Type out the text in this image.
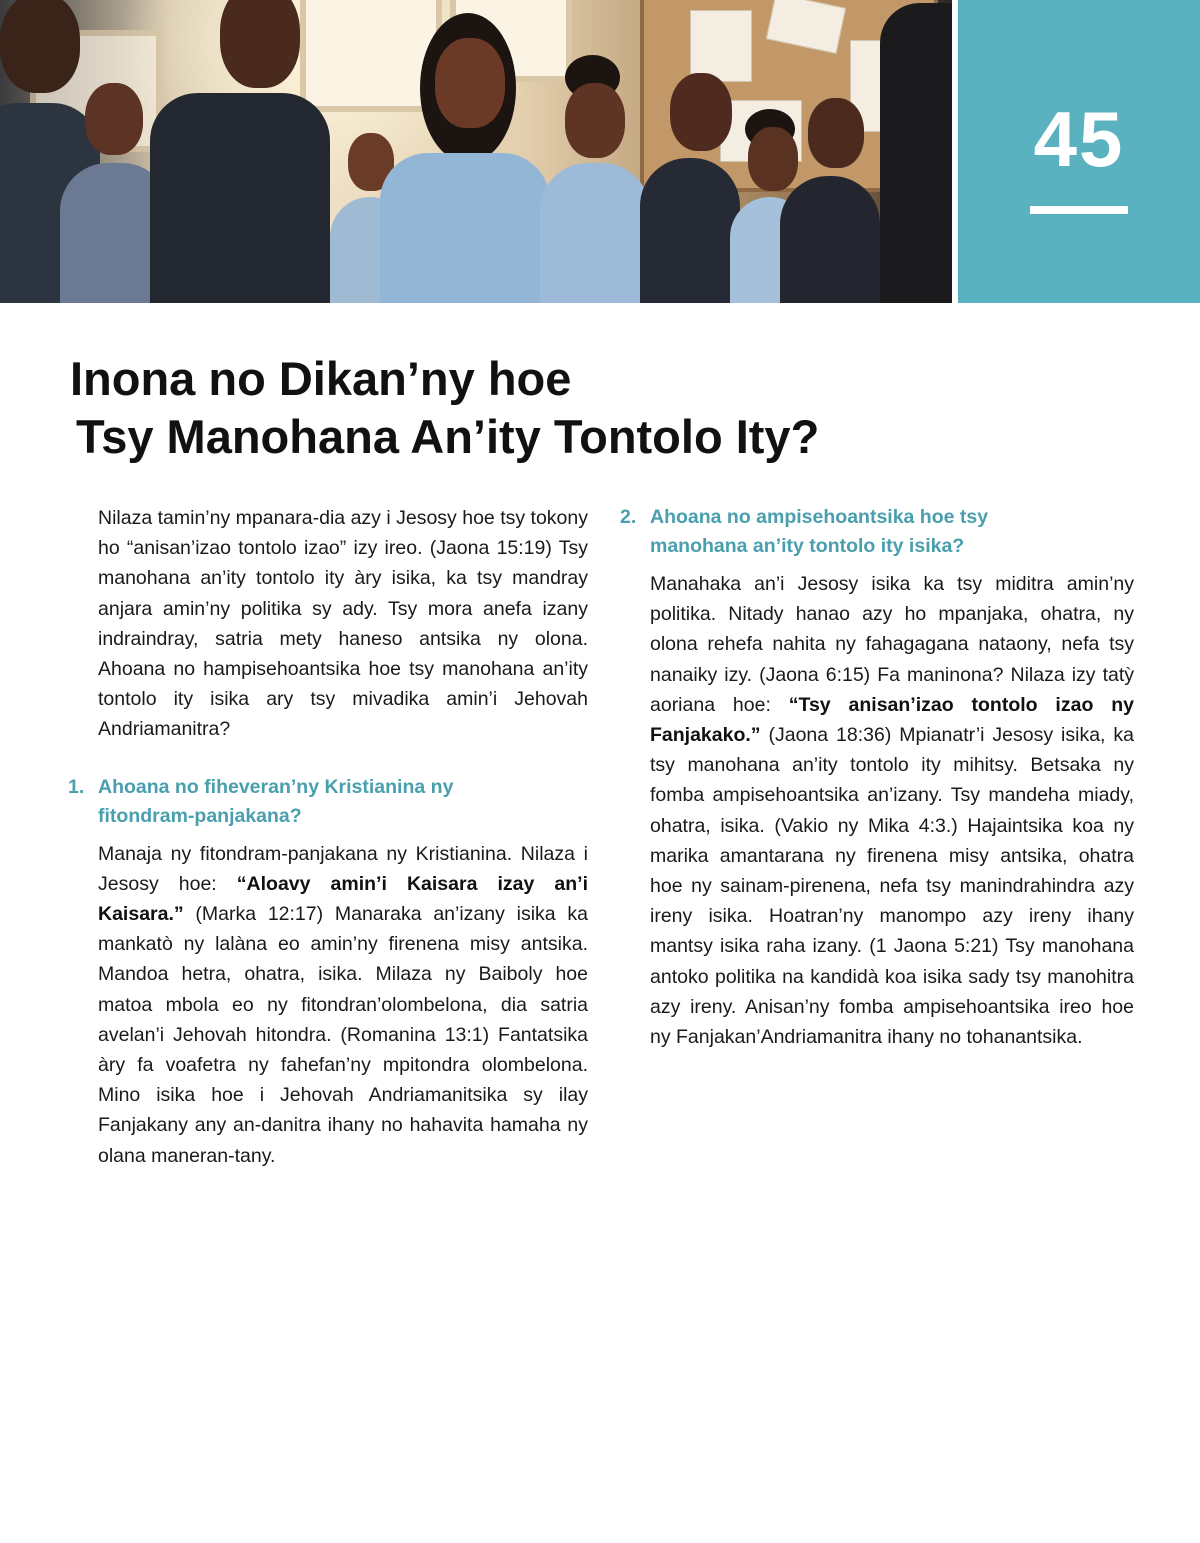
45
Inona no Dikan’ny hoe
Tsy Manohana An’ity Tontolo Ity?

Nilaza tamin’ny mpanara-dia azy i Jesosy hoe tsy tokony ho “anisan’izao tontolo izao” izy ireo. (Jaona 15:19) Tsy manohana an’ity tontolo ity àry isika, ka tsy mandray anjara amin’ny politika sy ady. Tsy mora anefa izany indraindray, satria mety haneso antsika ny olona. Ahoana no hampisehoantsika hoe tsy manohana an’ity tontolo ity isika ary tsy mivadika amin’i Jehovah Andriamanitra?

1. Ahoana no fiheveran’ny Kristianina ny fitondram-panjakana?

Manaja ny fitondram-panjakana ny Kristianina. Nilaza i Jesosy hoe: “Aloavy amin’i Kaisara izay an’i Kaisara.” (Marka 12:17) Manaraka an’izany isika ka mankatò ny lalàna eo amin’ny firenena misy antsika. Mandoa hetra, ohatra, isika. Milaza ny Baiboly hoe matoa mbola eo ny fitondran’olombelona, dia satria avelan’i Jehovah hitondra. (Romanina 13:1) Fantatsika àry fa voafetra ny fahefan’ny mpitondra olombelona. Mino isika hoe i Jehovah Andriamanitsika sy ilay Fanjakany any an-danitra ihany no hahavita hamaha ny olana maneran-tany.

2. Ahoana no ampisehoantsika hoe tsy manohana an’ity tontolo ity isika?

Manahaka an’i Jesosy isika ka tsy miditra amin’ny politika. Nitady hanao azy ho mpanjaka, ohatra, ny olona rehefa nahita ny fahagagana nataony, nefa tsy nanaiky izy. (Jaona 6:15) Fa maninona? Nilaza izy tatỳ aoriana hoe: “Tsy anisan’izao tontolo izao ny Fanjakako.” (Jaona 18:36) Mpianatr’i Jesosy isika, ka tsy manohana an’ity tontolo ity mihitsy. Betsaka ny fomba ampisehoantsika an’izany. Tsy mandeha miady, ohatra, isika. (Vakio ny Mika 4:3.) Hajaintsika koa ny marika amantarana ny firenena misy antsika, ohatra hoe ny sainam-pirenena, nefa tsy manindrahindra azy ireny isika. Hoatran’ny manompo azy ireny ihany mantsy isika raha izany. (1 Jaona 5:21) Tsy manohana antoko politika na kandidà koa isika sady tsy manohitra azy ireny. Anisan’ny fomba ampisehoantsika ireo hoe ny Fanjakan’Andriamanitra ihany no tohanantsika.
